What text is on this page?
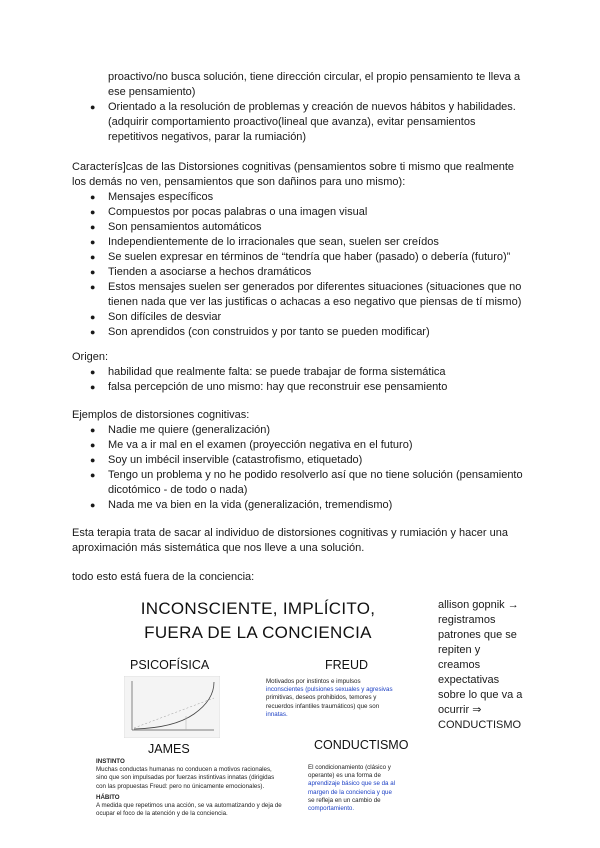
proactivo/no busca solución, tiene dirección circular, el propio pensamiento te lleva a
ese pensamiento)
● Orientado a la resolución de problemas y creación de nuevos hábitos y habilidades.
(adquirir comportamiento proactivo(lineal que avanza), evitar pensamientos
repetitivos negativos, parar la rumiación)
Caracterís]cas de las Distorsiones cognitivas (pensamientos sobre ti mismo que realmente
los demás no ven, pensamientos que son dañinos para uno mismo):
● Mensajes específicos
● Compuestos por pocas palabras o una imagen visual
● Son pensamientos automáticos
● Independientemente de lo irracionales que sean, suelen ser creídos
● Se suelen expresar en términos de “tendría que haber (pasado) o debería (futuro)”
● Tienden a asociarse a hechos dramáticos
● Estos mensajes suelen ser generados por diferentes situaciones (situaciones que no
tienen nada que ver las justificas o achacas a eso negativo que piensas de tí mismo)
● Son difíciles de desviar
● Son aprendidos (con construidos y por tanto se pueden modificar)
Origen:
● habilidad que realmente falta: se puede trabajar de forma sistemática
● falsa percepción de uno mismo: hay que reconstruir ese pensamiento
Ejemplos de distorsiones cognitivas:
● Nadie me quiere (generalización)
● Me va a ir mal en el examen (proyección negativa en el futuro)
● Soy un imbécil inservible (catastrofismo, etiquetado)
● Tengo un problema y no he podido resolverlo así que no tiene solución (pensamiento
dicotómico - de todo o nada)
● Nada me va bien en la vida (generalización, tremendismo)
Esta terapia trata de sacar al individuo de distorsiones cognitivas y rumiación y hacer una
aproximación más sistemática que nos lleve a una solución.
todo esto está fuera de la conciencia:
INCONSCIENTE, IMPLÍCITO,
FUERA DE LA CONCIENCIA
PSICOFÍSICA	FREUD
Motivados por instintos e impulsos
inconscientes (pulsiones sexuales y agresivas
primitivas, deseos prohibidos, temores y
recuerdos infantiles traumáticos) que son
innatas.
JAMES	CONDUCTISMO
INSTINTO
Muchas conductas humanas no conducen a motivos racionales,
sino que son impulsadas por fuerzas instintivas innatas (dirigidas
con las propuestas Freud: pero no únicamente emocionales).
HÁBITO
A medida que repetimos una acción, se va automatizando y deja de
ocupar el foco de la atención y de la conciencia.
El condicionamiento (clásico y
operante) es una forma de
aprendizaje básico que se da al
margen de la conciencia y que
se refleja en un cambio de
comportamiento.
allison gopnik →
registramos
patrones que se
repiten y
creamos
expectativas
sobre lo que va a
ocurrir ⇒
CONDUCTISMO
